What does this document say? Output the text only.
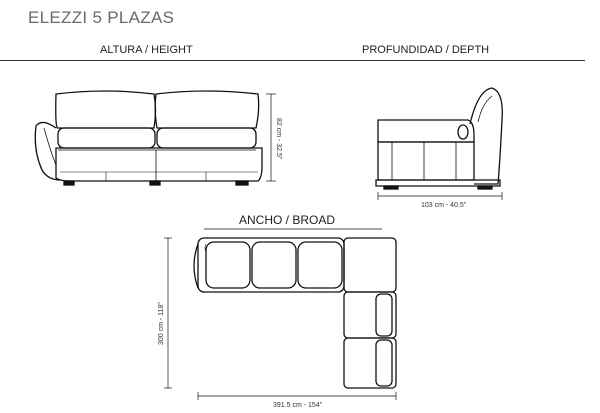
ELEZZI 5 PLAZAS
ALTURA / HEIGHT	PROFUNDIDAD / DEPTH
ANCHO / BROAD
82 cm - 32.5"
103 cm - 40.5"
300 cm - 118"
391.5 cm - 154"
